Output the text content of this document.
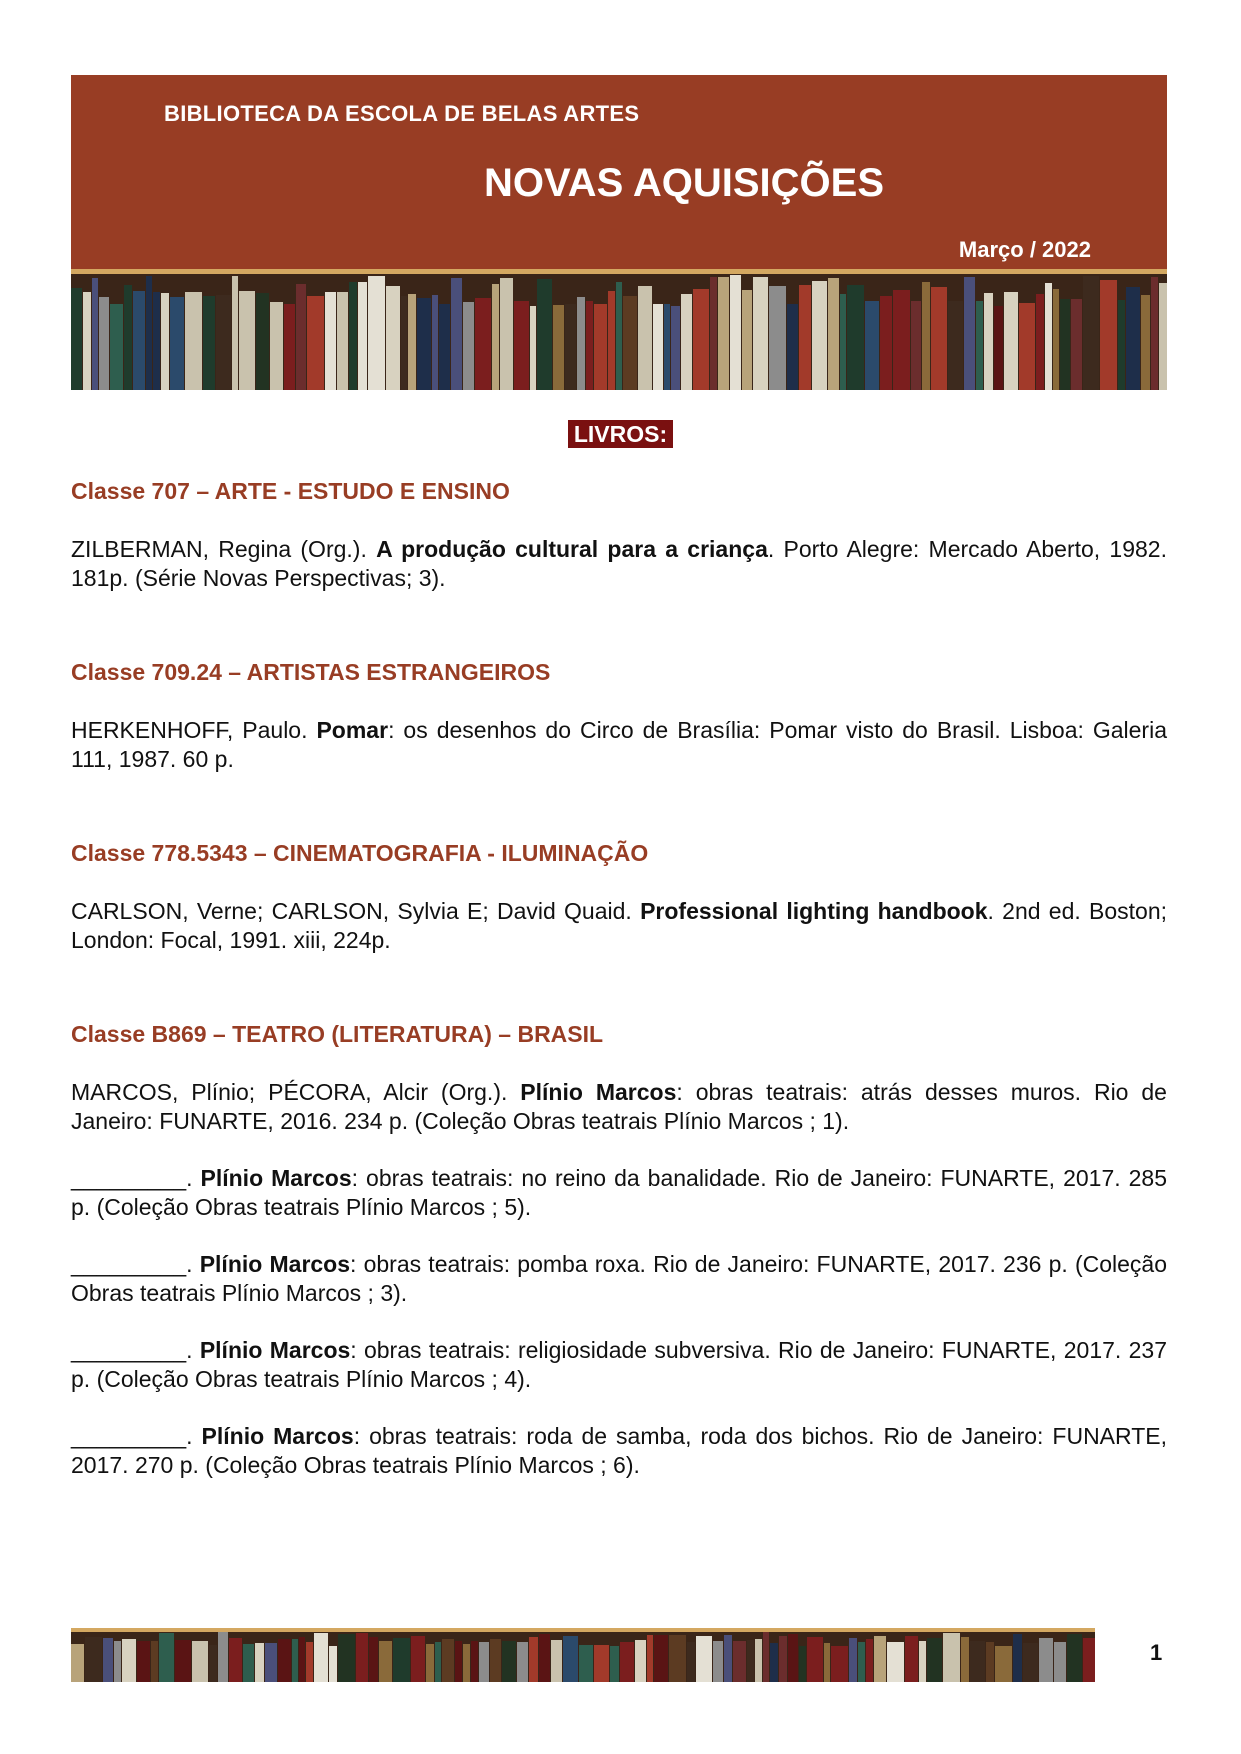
BIBLIOTECA DA ESCOLA DE BELAS ARTES
NOVAS AQUISIÇÕES
Março / 2022
LIVROS:

Classe 707 – ARTE - ESTUDO E ENSINO

ZILBERMAN, Regina (Org.). A produção cultural para a criança. Porto Alegre: Mercado Aberto, 1982. 181p. (Série Novas Perspectivas; 3).

Classe 709.24 – ARTISTAS ESTRANGEIROS

HERKENHOFF, Paulo. Pomar: os desenhos do Circo de Brasília: Pomar visto do Brasil. Lisboa: Galeria 111, 1987. 60 p.

Classe 778.5343 – CINEMATOGRAFIA - ILUMINAÇÃO

CARLSON, Verne; CARLSON, Sylvia E; David Quaid. Professional lighting handbook. 2nd ed. Boston; London: Focal, 1991. xiii, 224p.

Classe B869 – TEATRO (LITERATURA) – BRASIL

MARCOS, Plínio; PÉCORA, Alcir (Org.). Plínio Marcos: obras teatrais: atrás desses muros. Rio de Janeiro: FUNARTE, 2016. 234 p. (Coleção Obras teatrais Plínio Marcos ; 1).

_________. Plínio Marcos: obras teatrais: no reino da banalidade. Rio de Janeiro: FUNARTE, 2017. 285 p. (Coleção Obras teatrais Plínio Marcos ; 5).

_________. Plínio Marcos: obras teatrais: pomba roxa. Rio de Janeiro: FUNARTE, 2017. 236 p. (Coleção Obras teatrais Plínio Marcos ; 3).

_________. Plínio Marcos: obras teatrais: religiosidade subversiva. Rio de Janeiro: FUNARTE, 2017. 237 p. (Coleção Obras teatrais Plínio Marcos ; 4).

_________. Plínio Marcos: obras teatrais: roda de samba, roda dos bichos. Rio de Janeiro: FUNARTE, 2017. 270 p. (Coleção Obras teatrais Plínio Marcos ; 6).

1
